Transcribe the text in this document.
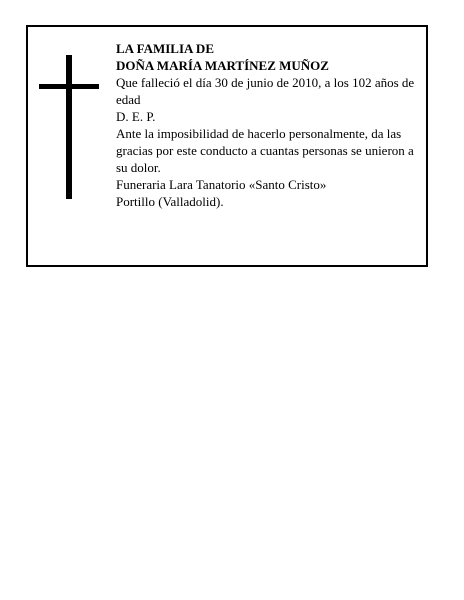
LA FAMILIA DE

DOÑA MARÍA MARTÍNEZ MUÑOZ

Que falleció el día 30 de junio de 2010, a los 102 años de edad

D. E. P.

Ante la imposibilidad de hacerlo personalmente, da las gracias por este conducto a cuantas personas se unieron a su dolor.

Funeraria Lara Tanatorio «Santo Cristo»

Portillo (Valladolid).
